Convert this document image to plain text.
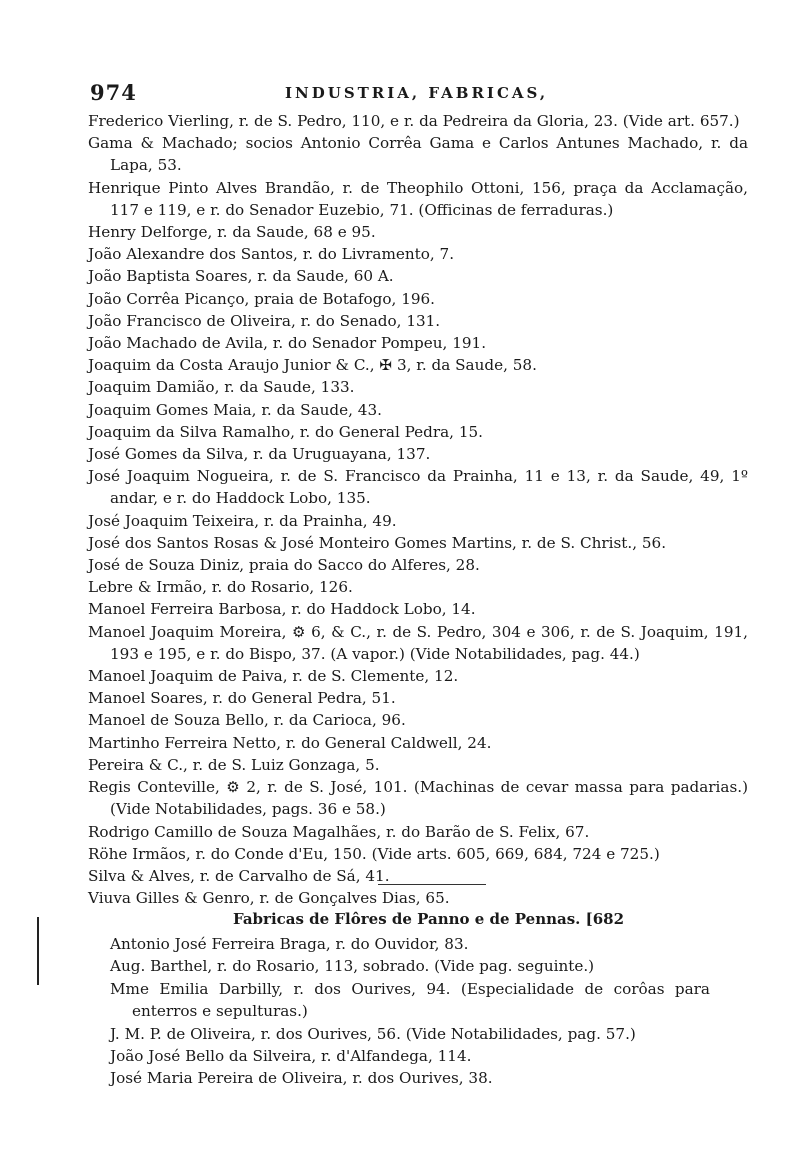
974	INDUSTRIA, FABRICAS,

Frederico Vierling, r. de S. Pedro, 110, e r. da Pedreira da Gloria, 23. (Vide art. 657.)

Gama & Machado; socios Antonio Corrêa Gama e Carlos Antunes Machado, r. da Lapa, 53.

Henrique Pinto Alves Brandão, r. de Theophilo Ottoni, 156, praça da Acclamação, 117 e 119, e r. do Senador Euzebio, 71. (Officinas de ferraduras.)

Henry Delforge, r. da Saude, 68 e 95.

João Alexandre dos Santos, r. do Livramento, 7.

João Baptista Soares, r. da Saude, 60 A.

João Corrêa Picanço, praia de Botafogo, 196.

João Francisco de Oliveira, r. do Senado, 131.

João Machado de Avila, r. do Senador Pompeu, 191.

Joaquim da Costa Araujo Junior & C., ✠ 3, r. da Saude, 58.

Joaquim Damião, r. da Saude, 133.

Joaquim Gomes Maia, r. da Saude, 43.

Joaquim da Silva Ramalho, r. do General Pedra, 15.

José Gomes da Silva, r. da Uruguayana, 137.

José Joaquim Nogueira, r. de S. Francisco da Prainha, 11 e 13, r. da Saude, 49, 1º andar, e r. do Haddock Lobo, 135.

José Joaquim Teixeira, r. da Prainha, 49.

José dos Santos Rosas & José Monteiro Gomes Martins, r. de S. Christ., 56.

José de Souza Diniz, praia do Sacco do Alferes, 28.

Lebre & Irmão, r. do Rosario, 126.

Manoel Ferreira Barbosa, r. do Haddock Lobo, 14.

Manoel Joaquim Moreira, ⚙ 6, & C., r. de S. Pedro, 304 e 306, r. de S. Joaquim, 191, 193 e 195, e r. do Bispo, 37. (A vapor.) (Vide Notabilidades, pag. 44.)

Manoel Joaquim de Paiva, r. de S. Clemente, 12.

Manoel Soares, r. do General Pedra, 51.

Manoel de Souza Bello, r. da Carioca, 96.

Martinho Ferreira Netto, r. do General Caldwell, 24.

Pereira & C., r. de S. Luiz Gonzaga, 5.

Regis Conteville, ⚙ 2, r. de S. José, 101. (Machinas de cevar massa para padarias.) (Vide Notabilidades, pags. 36 e 58.)

Rodrigo Camillo de Souza Magalhães, r. do Barão de S. Felix, 67.

Röhe Irmãos, r. do Conde d'Eu, 150. (Vide arts. 605, 669, 684, 724 e 725.)

Silva & Alves, r. de Carvalho de Sá, 41.

Viuva Gilles & Genro, r. de Gonçalves Dias, 65.

Fabricas de Flôres de Panno e de Pennas. [682

Antonio José Ferreira Braga, r. do Ouvidor, 83.

Aug. Barthel, r. do Rosario, 113, sobrado. (Vide pag. seguinte.)

Mme Emilia Darbilly, r. dos Ourives, 94. (Especialidade de corôas para enterros e sepulturas.)

J. M. P. de Oliveira, r. dos Ourives, 56. (Vide Notabilidades, pag. 57.)

João José Bello da Silveira, r. d'Alfandega, 114.

José Maria Pereira de Oliveira, r. dos Ourives, 38.
